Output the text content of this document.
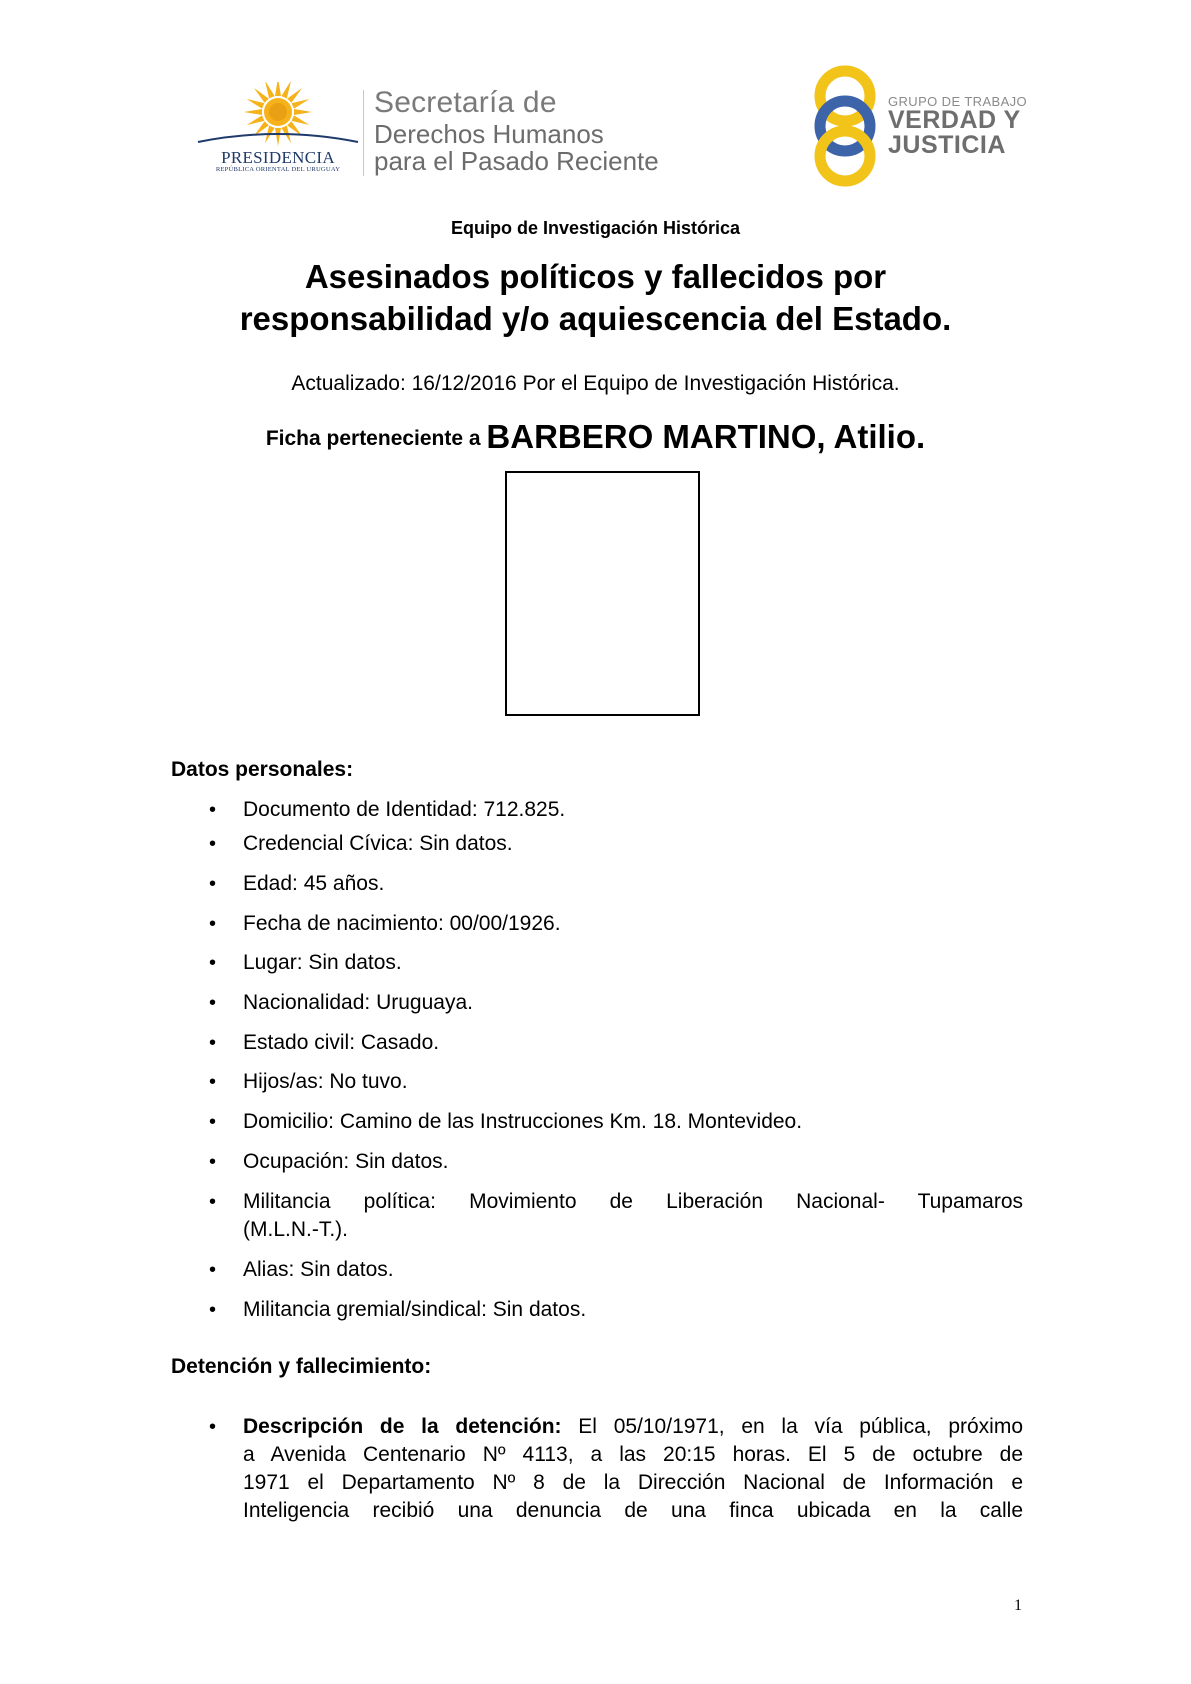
PRESIDENCIA
REPÚBLICA ORIENTAL DEL URUGUAY
Secretaría de
Derechos Humanos
para el Pasado Reciente
GRUPO DE TRABAJO
VERDAD Y
JUSTICIA
Equipo de Investigación Histórica
Asesinados políticos y fallecidos por
responsabilidad y/o aquiescencia del Estado.
Actualizado: 16/12/2016 Por el Equipo de Investigación Histórica.
Ficha perteneciente a BARBERO MARTINO, Atilio.
Datos personales:
• Documento de Identidad: 712.825.
• Credencial Cívica: Sin datos.
• Edad: 45 años.
• Fecha de nacimiento: 00/00/1926.
• Lugar: Sin datos.
• Nacionalidad: Uruguaya.
• Estado civil: Casado.
• Hijos/as: No tuvo.
• Domicilio: Camino de las Instrucciones Km. 18. Montevideo.
• Ocupación: Sin datos.
• Militancia política: Movimiento de Liberación Nacional- Tupamaros
(M.L.N.-T.).
• Alias: Sin datos.
• Militancia gremial/sindical: Sin datos.
Detención y fallecimiento:
• Descripción de la detención: El 05/10/1971, en la vía pública, próximo
a Avenida Centenario Nº 4113, a las 20:15 horas. El 5 de octubre de
1971 el Departamento Nº 8 de la Dirección Nacional de Información e
Inteligencia recibió una denuncia de una finca ubicada en la calle
1
